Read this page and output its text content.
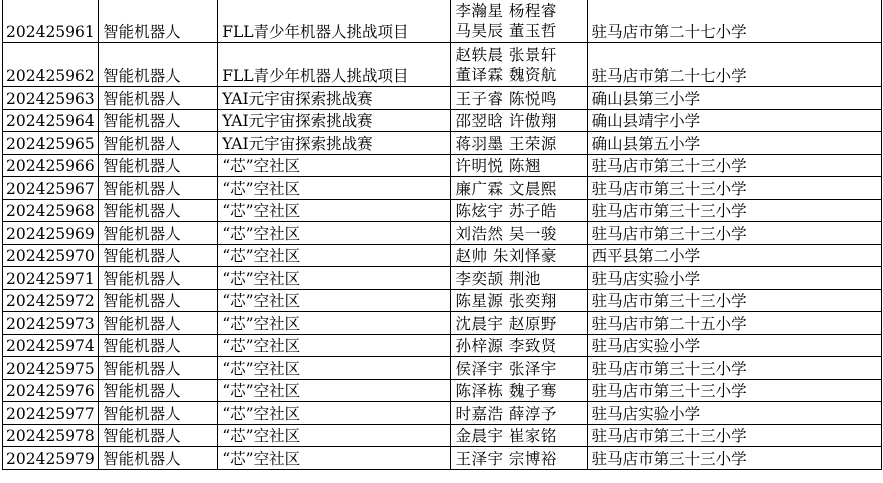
202425961	智能机器人	FLL青少年机器人挑战项目	李瀚星 杨程睿
马昊辰 董玉哲	驻马店市第二十七小学
202425962	智能机器人	FLL青少年机器人挑战项目	赵轶晨 张景轩
董译霖 魏资航	驻马店市第二十七小学
202425963	智能机器人	YAI元宇宙探索挑战赛	王子睿 陈悦鸣	确山县第三小学
202425964	智能机器人	YAI元宇宙探索挑战赛	邵翌晗 许傲翔	确山县靖宇小学
202425965	智能机器人	YAI元宇宙探索挑战赛	蒋羽墨 王荣源	确山县第五小学
202425966	智能机器人	“芯”空社区	许明悦 陈翘	驻马店市第三十三小学
202425967	智能机器人	“芯”空社区	廉广霖 文晨熙	驻马店市第三十三小学
202425968	智能机器人	“芯”空社区	陈炫宇 苏子皓	驻马店市第三十三小学
202425969	智能机器人	“芯”空社区	刘浩然 吴一骏	驻马店市第三十三小学
202425970	智能机器人	“芯”空社区	赵帅 朱刘怿豪	西平县第二小学
202425971	智能机器人	“芯”空社区	李奕颉 荆池	驻马店实验小学
202425972	智能机器人	“芯”空社区	陈星源 张奕翔	驻马店市第三十三小学
202425973	智能机器人	“芯”空社区	沈晨宇 赵原野	驻马店市第二十五小学
202425974	智能机器人	“芯”空社区	孙梓源 李致贤	驻马店实验小学
202425975	智能机器人	“芯”空社区	侯泽宇 张泽宇	驻马店市第三十三小学
202425976	智能机器人	“芯”空社区	陈泽栋 魏子骞	驻马店市第三十三小学
202425977	智能机器人	“芯”空社区	时嘉浩 薛淳予	驻马店实验小学
202425978	智能机器人	“芯”空社区	金晨宇 崔家铭	驻马店市第三十三小学
202425979	智能机器人	“芯”空社区	王泽宇 宗博裕	驻马店市第三十三小学
